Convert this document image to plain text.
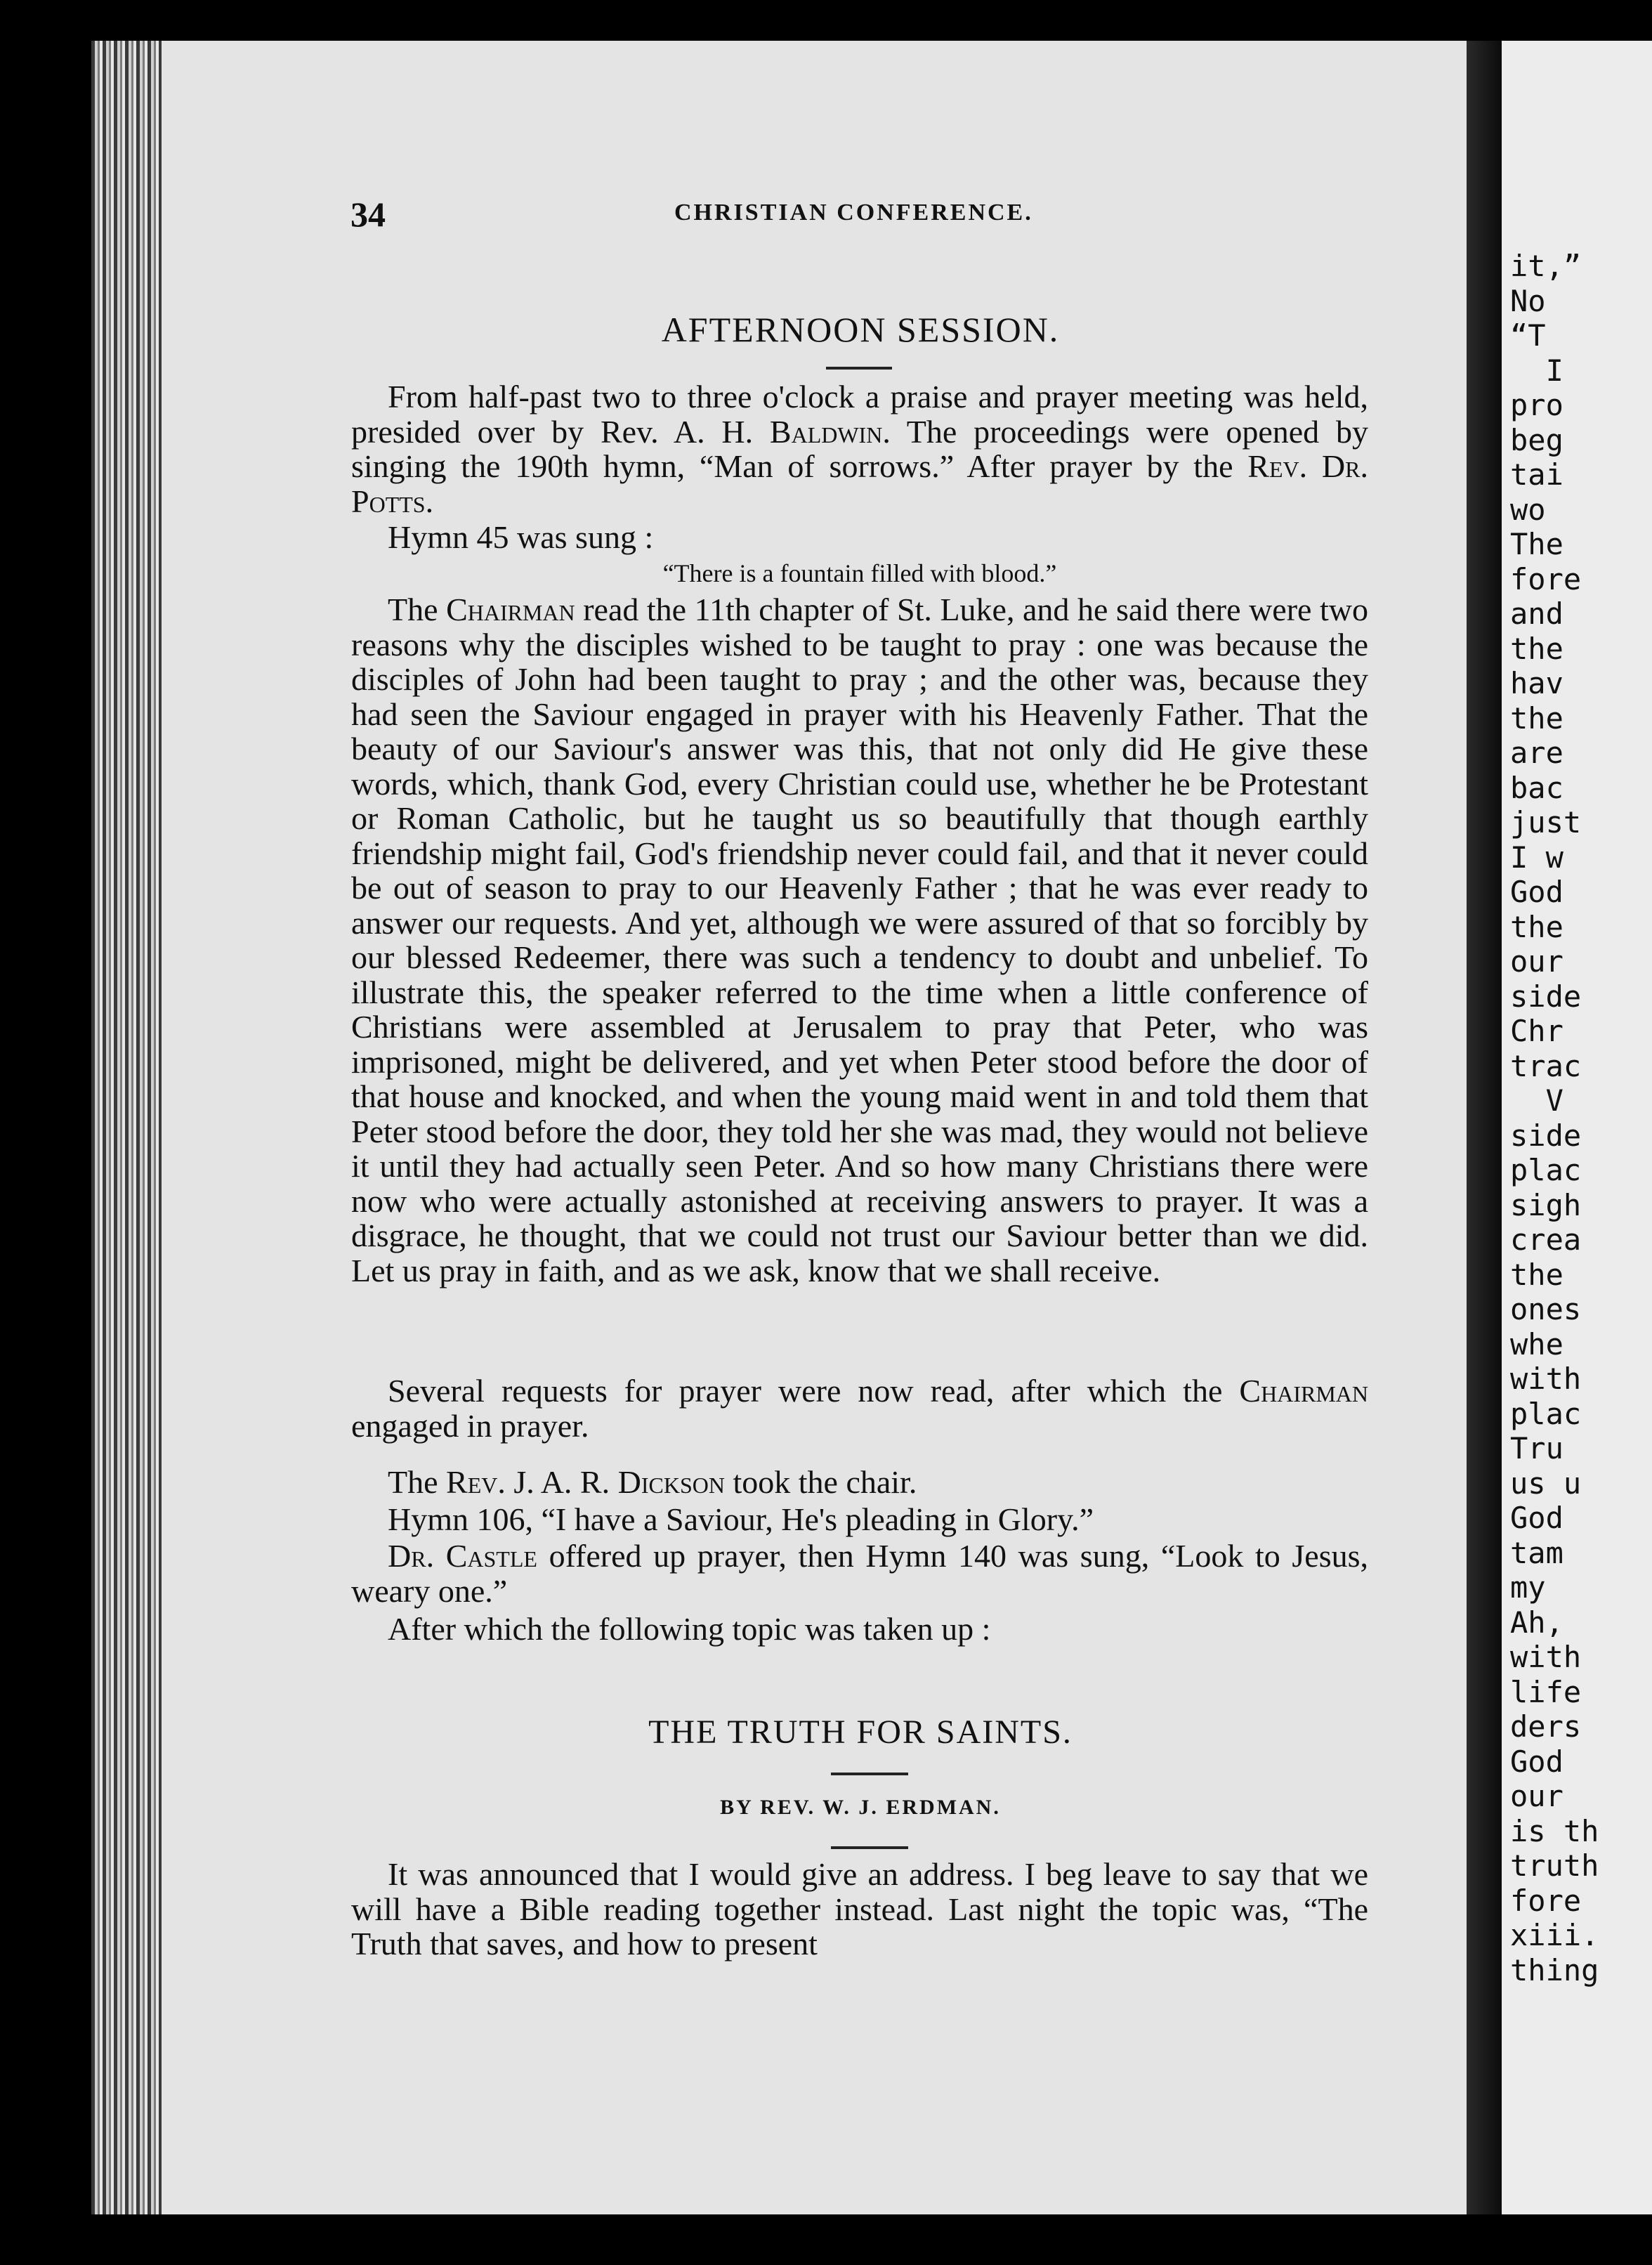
34	CHRISTIAN CONFERENCE.
AFTERNOON SESSION.

From half-past two to three o'clock a praise and prayer meeting was held, presided over by Rev. A. H. Baldwin. The proceedings were opened by singing the 190th hymn, “Man of sorrows.” After prayer by the Rev. Dr. Potts.

Hymn 45 was sung :

“There is a fountain filled with blood.”

The Chairman read the 11th chapter of St. Luke, and he said there were two reasons why the disciples wished to be taught to pray : one was because the disciples of John had been taught to pray ; and the other was, because they had seen the Saviour engaged in prayer with his Heavenly Father. That the beauty of our Saviour's answer was this, that not only did He give these words, which, thank God, every Christian could use, whether he be Protestant or Roman Catholic, but he taught us so beautifully that though earthly friendship might fail, God's friendship never could fail, and that it never could be out of season to pray to our Heavenly Father ; that he was ever ready to answer our requests. And yet, although we were assured of that so forcibly by our blessed Redeemer, there was such a tendency to doubt and unbelief. To illustrate this, the speaker referred to the time when a little conference of Christians were assembled at Jerusalem to pray that Peter, who was imprisoned, might be delivered, and yet when Peter stood before the door of that house and knocked, and when the young maid went in and told them that Peter stood before the door, they told her she was mad, they would not believe it until they had actually seen Peter. And so how many Christians there were now who were actually astonished at receiving answers to prayer. It was a disgrace, he thought, that we could not trust our Saviour better than we did. Let us pray in faith, and as we ask, know that we shall receive.

Several requests for prayer were now read, after which the Chairman engaged in prayer.

The Rev. J. A. R. Dickson took the chair.

Hymn 106, “I have a Saviour, He's pleading in Glory.”

Dr. Castle offered up prayer, then Hymn 140 was sung, “Look to Jesus, weary one.”

After which the following topic was taken up :

THE TRUTH FOR SAINTS.
BY REV. W. J. ERDMAN.

It was announced that I would give an address. I beg leave to say that we will have a Bible reading together instead. Last night the topic was, “The Truth that saves, and how to present

it,”
No
“T
I
pro
beg
tai
wo
The
fore
and
the
hav
the
are
bac
just
I w
God
the
our
side
Chr
trac
V
side
plac
sigh
crea
the
ones
whe
with
plac
Tru
us u
God
tam
my
Ah,
with
life
ders
God
our
is th
truth
fore
xiii.
thing
